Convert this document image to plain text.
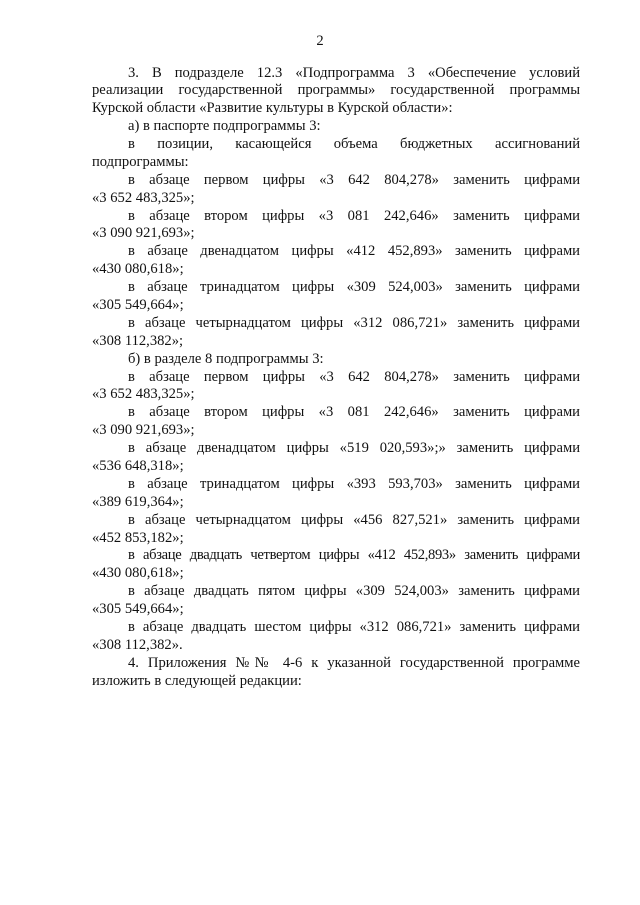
2

3. В подразделе 12.3 «Подпрограмма 3 «Обеспечение условий реализации государственной программы» государственной программы

Курской области «Развитие культуры в Курской области»:

а) в паспорте подпрограммы 3:

в позиции, касающейся объема бюджетных ассигнований

подпрограммы:

в абзаце первом цифры «3 642 804,278» заменить цифрами

«3 652 483,325»;

в абзаце втором цифры «3 081 242,646» заменить цифрами

«3 090 921,693»;

в абзаце двенадцатом цифры «412 452,893» заменить цифрами

«430 080,618»;

в абзаце тринадцатом цифры «309 524,003» заменить цифрами

«305 549,664»;

в абзаце четырнадцатом цифры «312 086,721» заменить цифрами

«308 112,382»;

б) в разделе 8 подпрограммы 3:

в абзаце первом цифры «3 642 804,278» заменить цифрами

«3 652 483,325»;

в абзаце втором цифры «3 081 242,646» заменить цифрами

«3 090 921,693»;

в абзаце двенадцатом цифры «519 020,593»;» заменить цифрами

«536 648,318»;

в абзаце тринадцатом цифры «393 593,703» заменить цифрами

«389 619,364»;

в абзаце четырнадцатом цифры «456 827,521» заменить цифрами

«452 853,182»;

в абзаце двадцать четвертом цифры «412 452,893» заменить цифрами

«430 080,618»;

в абзаце двадцать пятом цифры «309 524,003» заменить цифрами

«305 549,664»;

в абзаце двадцать шестом цифры «312 086,721» заменить цифрами

«308 112,382».

4. Приложения №№ 4-6 к указанной государственной программе

изложить в следующей редакции:
